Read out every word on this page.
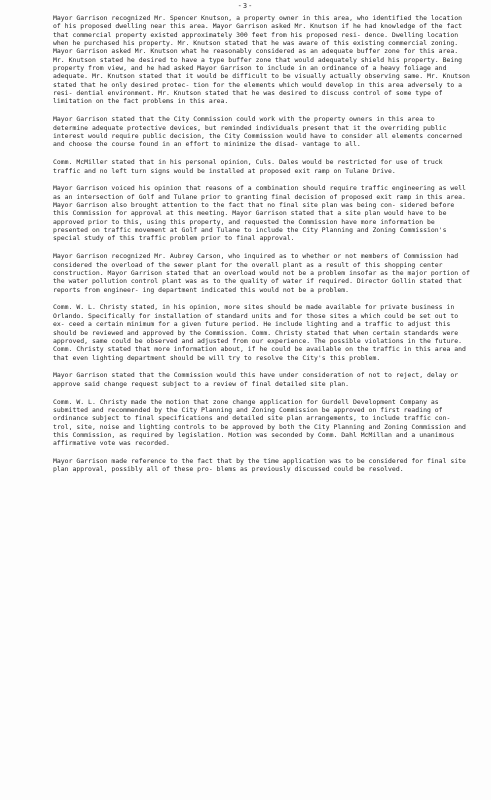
-3-

Mayor Garrison recognized Mr. Spencer Knutson, a property owner in this area, who identified the location of his proposed dwelling near this area. Mayor Garrison asked Mr. Knutson if he had knowledge of the fact that commercial property existed approximately 300 feet from his proposed resi- dence. Dwelling location when he purchased his property. Mr. Knutson stated that he was aware of this existing commercial zoning. Mayor Garrison asked Mr. Knutson what he reasonably considered as an adequate buffer zone for this area. Mr. Knutson stated he desired to have a type buffer zone that would adequately shield his property. Being property from view, and he had asked Mayor Garrison to include in an ordinance of a heavy foliage and adequate. Mr. Knutson stated that it would be difficult to be visually actually observing same. Mr. Knutson stated that he only desired protec- tion for the elements which would develop in this area adversely to a resi- dential environment. Mr. Knutson stated that he was desired to discuss control of some type of limitation on the fact problems in this area.

Mayor Garrison stated that the City Commission could work with the property owners in this area to determine adequate protective devices, but reminded individuals present that it the overriding public interest would require public decision, the City Commission would have to consider all elements concerned and choose the course found in an effort to minimize the disad- vantage to all.

Comm. McMiller stated that in his personal opinion, Culs. Dales would be restricted for use of truck traffic and no left turn signs would be installed at proposed exit ramp on Tulane Drive.

Mayor Garrison voiced his opinion that reasons of a combination should require traffic engineering as well as an intersection of Golf and Tulane prior to granting final decision of proposed exit ramp in this area. Mayor Garrison also brought attention to the fact that no final site plan was being con- sidered before this Commission for approval at this meeting. Mayor Garrison stated that a site plan would have to be approved prior to this, using this property, and requested the Commission have more information be presented on traffic movement at Golf and Tulane to include the City Planning and Zoning Commission's special study of this traffic problem prior to final approval.

Mayor Garrison recognized Mr. Aubrey Carson, who inquired as to whether or not members of Commission had considered the overload of the sewer plant for the overall plant as a result of this shopping center construction. Mayor Garrison stated that an overload would not be a problem insofar as the major portion of the water pollution control plant was as to the quality of water if required. Director Gollin stated that reports from engineer- ing department indicated this would not be a problem.

Comm. W. L. Christy stated, in his opinion, more sites should be made available for private business in Orlando. Specifically for installation of standard units and for those sites a which could be set out to ex- ceed a certain minimum for a given future period. He include lighting and a traffic to adjust this should be reviewed and approved by the Commission. Comm. Christy stated that when certain standards were approved, same could be observed and adjusted from our experience. The possible violations in the future. Comm. Christy stated that more information about, if he could be available on the traffic in this area and that even lighting department should be will try to resolve the City's this problem.

Mayor Garrison stated that the Commission would this have under consideration of not to reject, delay or approve said change request subject to a review of final detailed site plan.

Comm. W. L. Christy made the motion that zone change application for Gurdell Development Company as submitted and recommended by the City Planning and Zoning Commission be approved on first reading of ordinance subject to final specifications and detailed site plan arrangements, to include traffic con- trol, site, noise and lighting controls to be approved by both the City Planning and Zoning Commission and this Commission, as required by legislation. Motion was seconded by Comm. Dahl McMillan and a unanimous affirmative vote was recorded.

Mayor Garrison made reference to the fact that by the time application was to be considered for final site plan approval, possibly all of these pro- blems as previously discussed could be resolved.
